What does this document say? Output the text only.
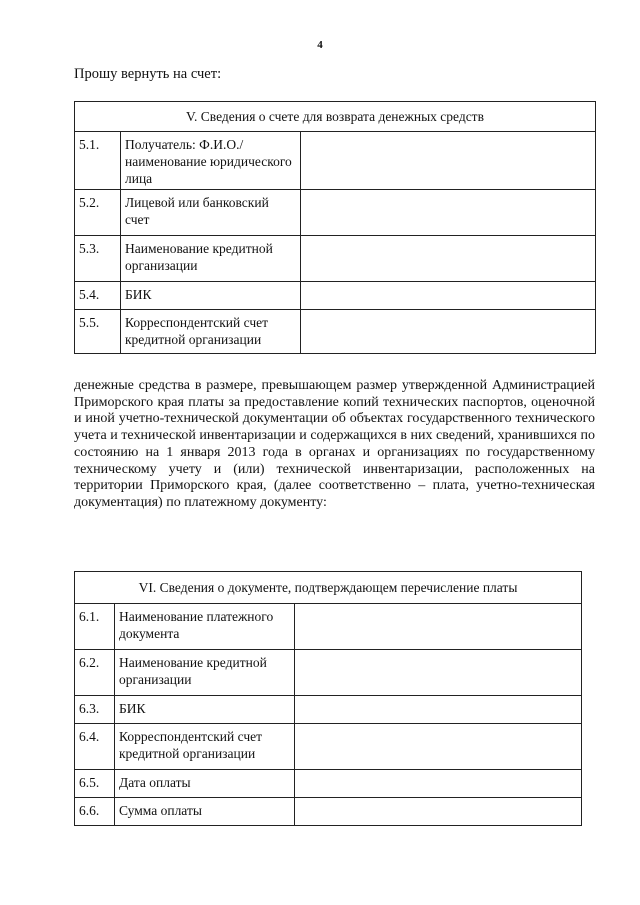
4
Прошу вернуть на счет:
V. Сведения о счете для возврата денежных средств		
5.1.	Получатель: Ф.И.О./наименование юридического лица	
5.2.	Лицевой или банковский счет	
5.3.	Наименование кредитной организации	
5.4.	БИК	
5.5.	Корреспондентский счет кредитной организации	
денежные средства в размере, превышающем размер утвержденной Администрацией Приморского края платы за предоставление копий технических паспортов, оценочной и иной учетно-технической документации об объектах государственного технического учета и технической инвентаризации и содержащихся в них сведений, хранившихся по состоянию на 1 января 2013 года в органах и организациях по государственному техническому учету и (или) технической инвентаризации, расположенных на территории Приморского края, (далее соответственно – плата, учетно-техническая документация) по платежному документу:
VI. Сведения о документе, подтверждающем перечисление платы		
6.1.	Наименование платежного документа	
6.2.	Наименование кредитной организации	
6.3.	БИК	
6.4.	Корреспондентский счет кредитной организации	
6.5.	Дата оплаты	
6.6.	Сумма оплаты	
